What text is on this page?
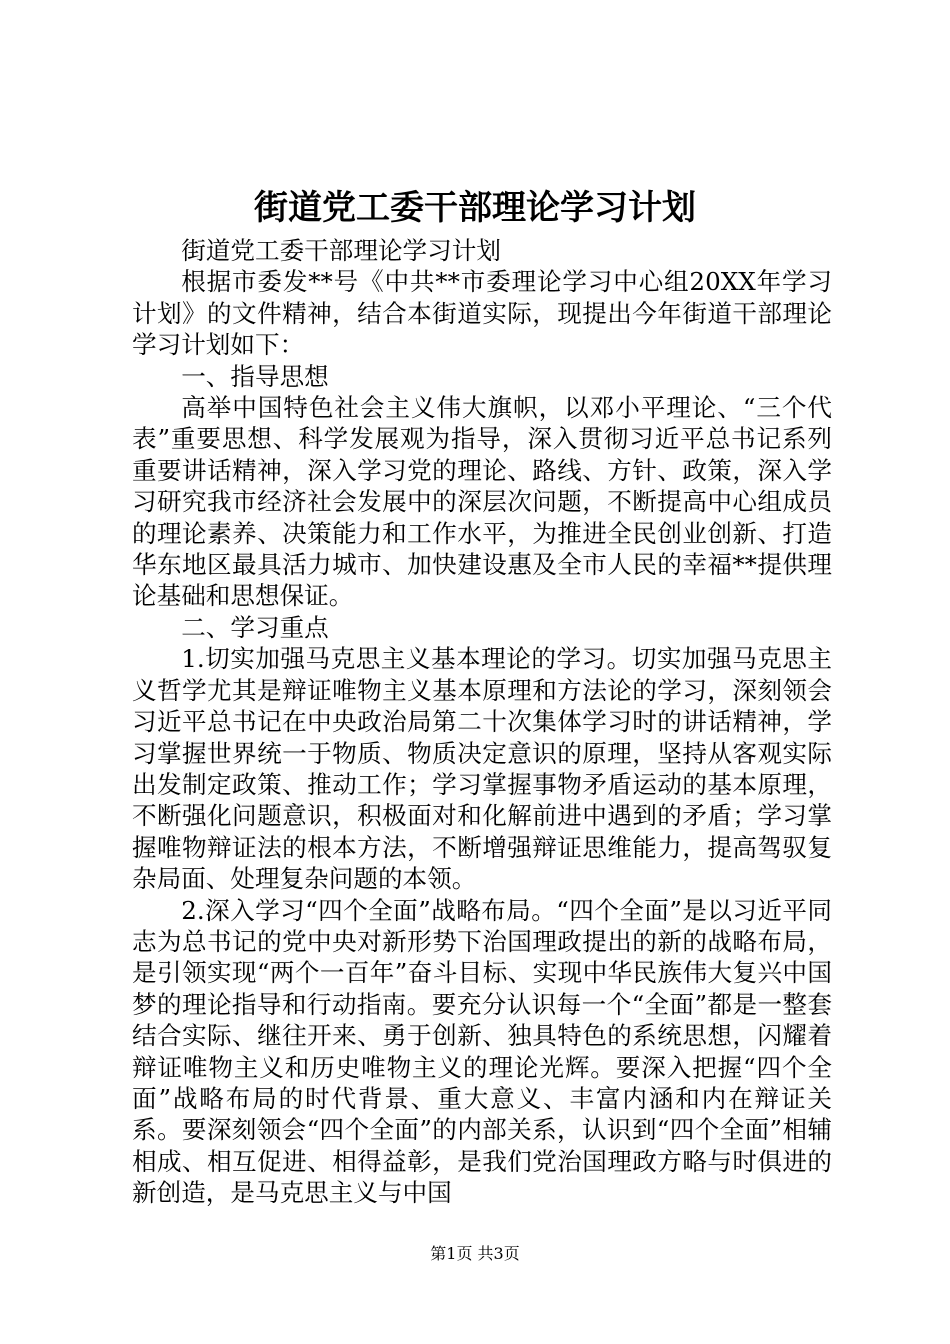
街道党工委干部理论学习计划

街道党工委干部理论学习计划

根据市委发**号《中共**市委理论学习中心组20XX年学习计划》的文件精神，结合本街道实际，现提出今年街道干部理论学习计划如下：

一、指导思想

高举中国特色社会主义伟大旗帜，以邓小平理论、“三个代表”重要思想、科学发展观为指导，深入贯彻习近平总书记系列重要讲话精神，深入学习党的理论、路线、方针、政策，深入学习研究我市经济社会发展中的深层次问题，不断提高中心组成员的理论素养、决策能力和工作水平，为推进全民创业创新、打造华东地区最具活力城市、加快建设惠及全市人民的幸福**提供理论基础和思想保证。

二、学习重点

1.切实加强马克思主义基本理论的学习。切实加强马克思主义哲学尤其是辩证唯物主义基本原理和方法论的学习，深刻领会习近平总书记在中央政治局第二十次集体学习时的讲话精神，学习掌握世界统一于物质、物质决定意识的原理，坚持从客观实际出发制定政策、推动工作；学习掌握事物矛盾运动的基本原理，不断强化问题意识，积极面对和化解前进中遇到的矛盾；学习掌握唯物辩证法的根本方法，不断增强辩证思维能力，提高驾驭复杂局面、处理复杂问题的本领。

2.深入学习“四个全面”战略布局。“四个全面”是以习近平同志为总书记的党中央对新形势下治国理政提出的新的战略布局，是引领实现“两个一百年”奋斗目标、实现中华民族伟大复兴中国梦的理论指导和行动指南。要充分认识每一个“全面”都是一整套结合实际、继往开来、勇于创新、独具特色的系统思想，闪耀着辩证唯物主义和历史唯物主义的理论光辉。要深入把握“四个全面”战略布局的时代背景、重大意义、丰富内涵和内在辩证关系。要深刻领会“四个全面”的内部关系，认识到“四个全面”相辅相成、相互促进、相得益彰，是我们党治国理政方略与时俱进的新创造，是马克思主义与中国

第1页 共3页
